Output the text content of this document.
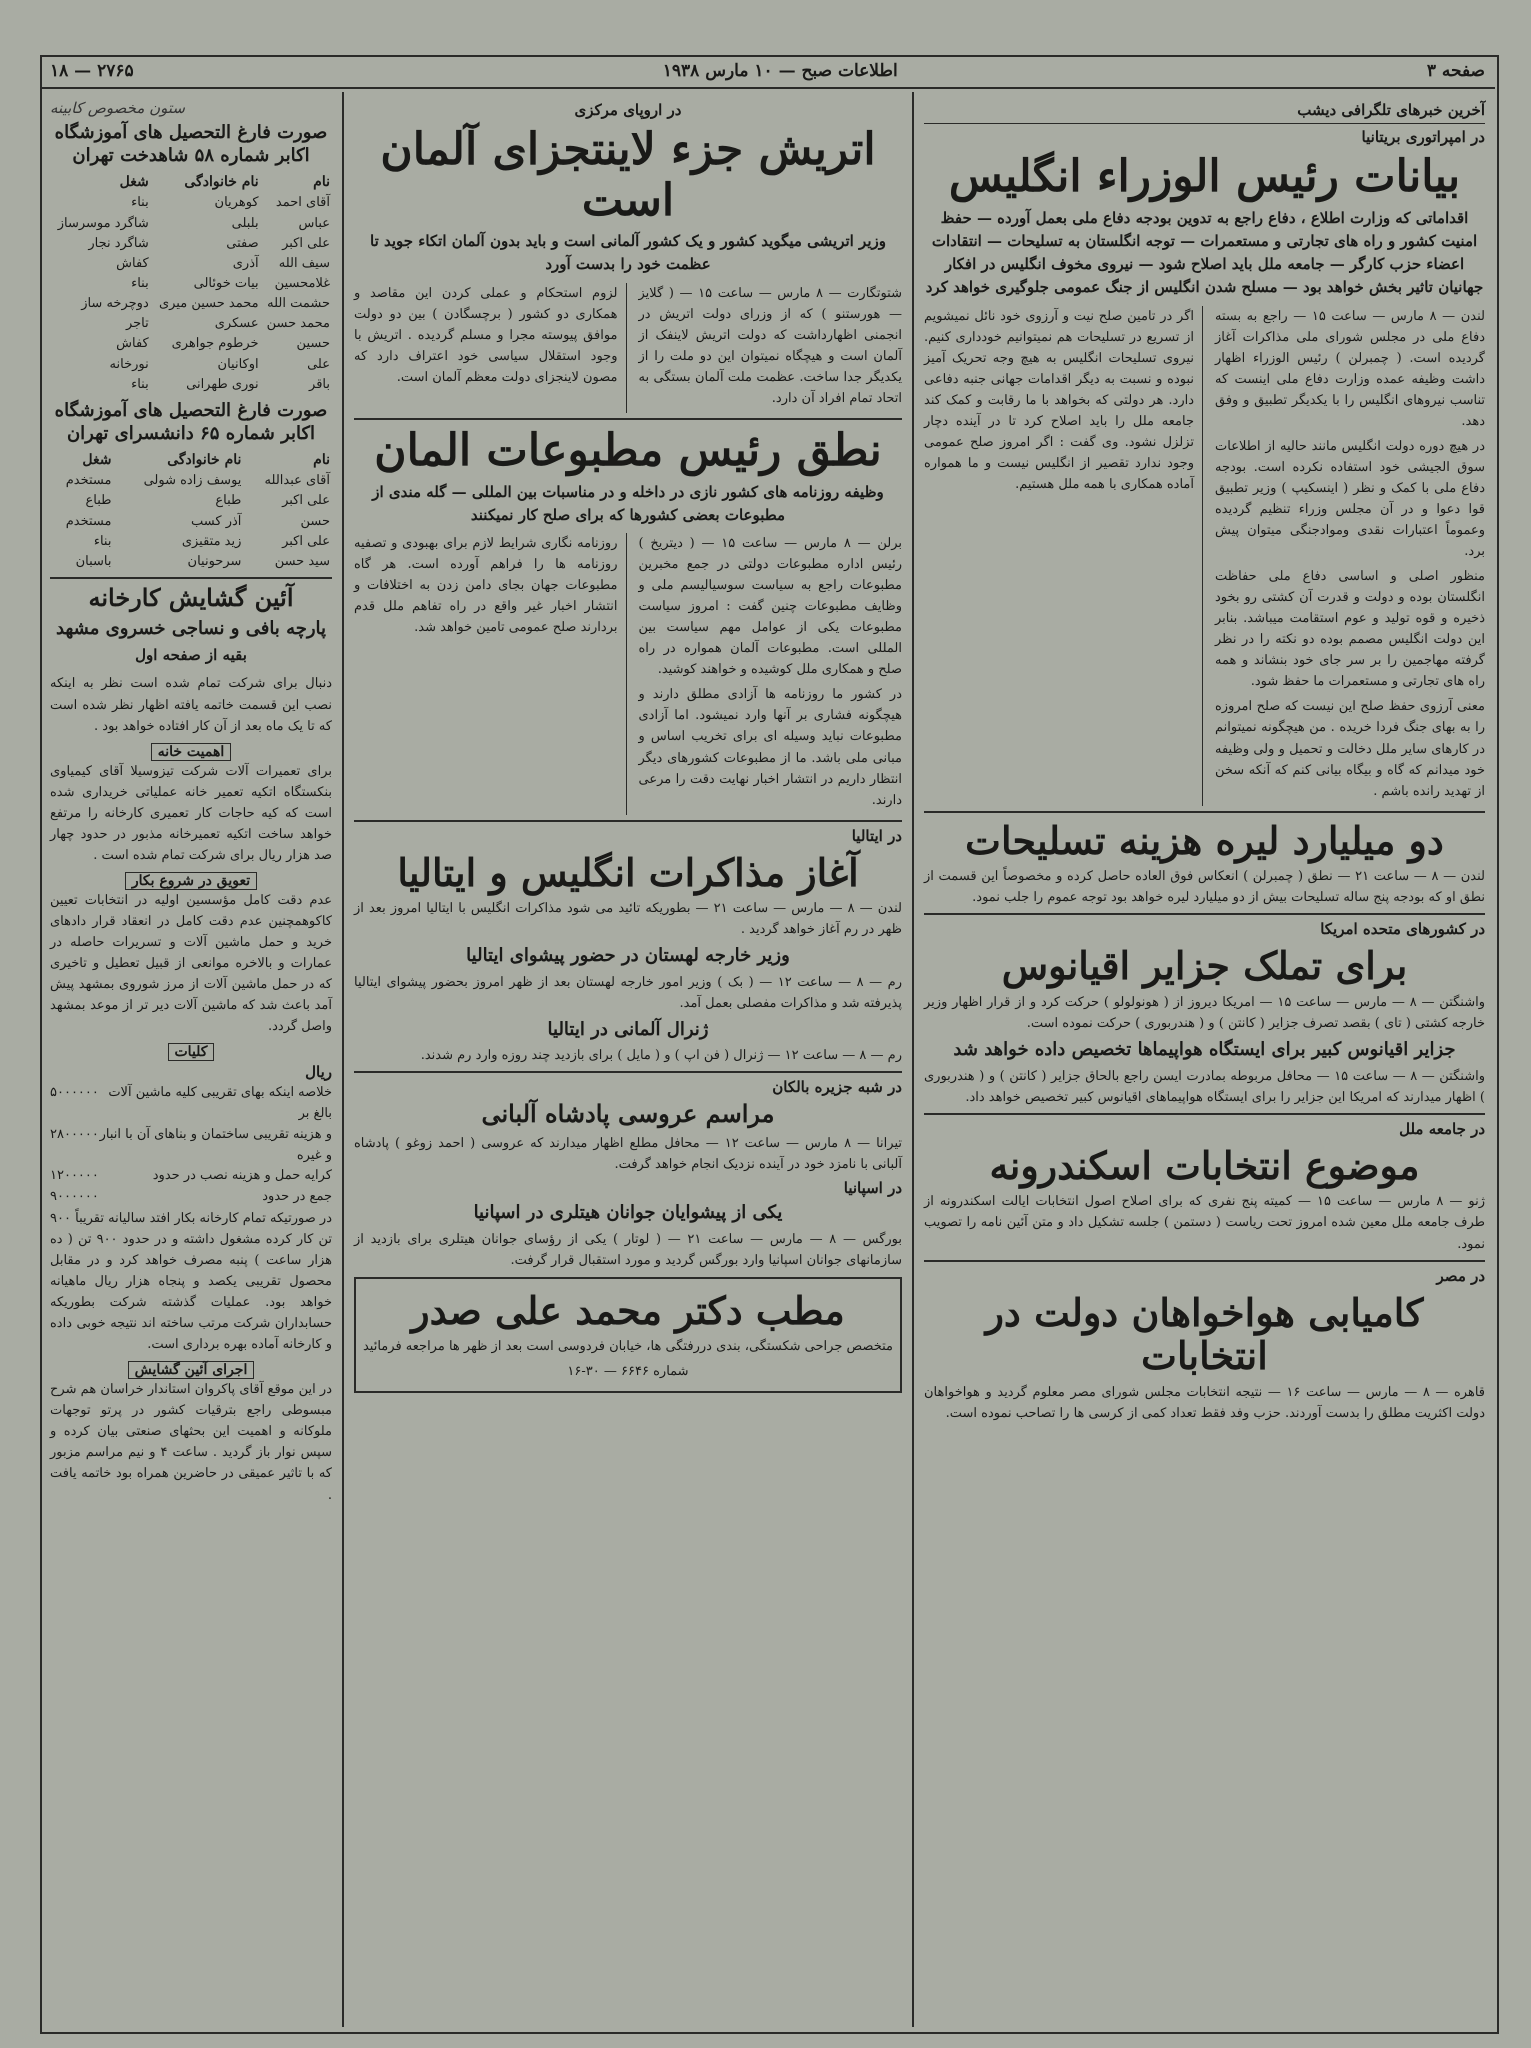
صفحه ۳
اطلاعات صبح — ۱۰ مارس ۱۹۳۸
۲۷۶۵ — ۱۸
آخرین خبرهای تلگرافی دیشب
در امپراتوری بریتانیا
بیانات رئیس الوزراء انگلیس
اقداماتی که وزارت اطلاع ، دفاع راجع به تدوین بودجه دفاع ملی بعمل آورده — حفظ امنیت کشور و راه های تجارتی و مستعمرات — توجه انگلستان به تسلیحات — انتقادات اعضاء حزب کارگر — جامعه ملل باید اصلاح شود — نیروی مخوف انگلیس در افکار جهانیان تاثیر بخش خواهد بود — مسلح شدن انگلیس از جنگ عمومی جلوگیری خواهد کرد

لندن — ۸ مارس — ساعت ۱۵ — راجع به بسته دفاع ملی در مجلس شورای ملی مذاکرات آغاز گردیده است. ( چمبرلن ) رئیس الوزراء اظهار داشت وظیفه عمده وزارت دفاع ملی اینست که تناسب نیروهای انگلیس را با یکدیگر تطبیق و وفق دهد.

در هیچ دوره دولت انگلیس مانند حالیه از اطلاعات سوق الجیشی خود استفاده نکرده است. بودجه دفاع ملی با کمک و نظر ( اینسکیپ ) وزیر تطبیق قوا دعوا و در آن مجلس وزراء تنظیم گردیده وعموماً اعتبارات نقدی وموادجنگی میتوان پیش برد.

منظور اصلی و اساسی دفاع ملی حفاظت انگلستان بوده و دولت و قدرت آن کشتی رو بخود ذخیره و قوه تولید و عوم استقامت میباشد. بنابر این دولت انگلیس مصمم بوده دو نکته را در نظر گرفته مهاجمین را بر سر جای خود بنشاند و همه راه های تجارتی و مستعمرات ما حفظ شود.

معنی آرزوی حفظ صلح این نیست که صلح امروزه را به بهای جنگ فردا خریده . من هیچگونه نمیتوانم در کارهای سایر ملل دخالت و تحمیل و ولی وظیفه خود میدانم که گاه و بیگاه بیانی کنم که آنکه سخن از تهدید رانده باشم .

اگر در تامین صلح نیت و آرزوی خود نائل نمیشویم از تسریع در تسلیحات هم نمیتوانیم خودداری کنیم. نیروی تسلیحات انگلیس به هیچ وجه تحریک آمیز نبوده و نسبت به دیگر اقدامات جهانی جنبه دفاعی دارد. هر دولتی که بخواهد با ما رقابت و کمک کند جامعه ملل را باید اصلاح کرد تا در آینده دچار تزلزل نشود. وی گفت : اگر امروز صلح عمومی وجود ندارد تقصیر از انگلیس نیست و ما همواره آماده همکاری با همه ملل هستیم.

دو میلیارد لیره هزینه تسلیحات

لندن — ۸ — ساعت ۲۱ — نطق ( چمبرلن ) انعکاس فوق العاده حاصل کرده و مخصوصاً این قسمت از نطق او که بودجه پنج ساله تسلیحات بیش از دو میلیارد لیره خواهد بود توجه عموم را جلب نمود.

در کشورهای متحده امریکا
برای تملک جزایر اقیانوس

واشنگتن — ۸ — مارس — ساعت ۱۵ — امریکا دیروز از ( هونولولو ) حرکت کرد و از قرار اظهار وزیر خارجه کشتی ( تای ) بقصد تصرف جزایر ( کانتن ) و ( هندربوری ) حرکت نموده است.

جزایر اقیانوس کبیر برای ایستگاه هواپیماها تخصیص داده خواهد شد

واشنگتن — ۸ — ساعت ۱۵ — محافل مربوطه بمادرت ایسن راجع بالحاق جزایر ( کانتن ) و ( هندربوری ) اظهار میدارند که امریکا این جزایر را برای ایستگاه هواپیماهای اقیانوس کبیر تخصیص خواهد داد.

در جامعه ملل
موضوع انتخابات اسکندرونه

ژنو — ۸ مارس — ساعت ۱۵ — کمیته پنج نفری که برای اصلاح اصول انتخابات ایالت اسکندرونه از طرف جامعه ملل معین شده امروز تحت ریاست ( دستمن ) جلسه تشکیل داد و متن آئین نامه را تصویب نمود.

در مصر
کامیابی هواخواهان دولت در انتخابات

قاهره — ۸ — مارس — ساعت ۱۶ — نتیجه انتخابات مجلس شورای مصر معلوم گردید و هواخواهان دولت اکثریت مطلق را بدست آوردند. حزب وفد فقط تعداد کمی از کرسی ها را تصاحب نموده است.

در اروپای مرکزی
اتریش جزء لاینتجزای آلمان است
وزیر اتریشی میگوید کشور و یک کشور آلمانی است و باید بدون آلمان اتکاء جوید تا عظمت خود را بدست آورد

شتوتگارت — ۸ مارس — ساعت ۱۵ — ( گلایز — هورستنو ) که از وزرای دولت اتریش در انجمنی اظهارداشت که دولت اتریش لاینفک از آلمان است و هیچگاه نمیتوان این دو ملت را از یکدیگر جدا ساخت. عظمت ملت آلمان بستگی به اتحاد تمام افراد آن دارد.

لزوم استحکام و عملی کردن این مقاصد و همکاری دو کشور ( برچسگادن ) بین دو دولت موافق پیوسته مجرا و مسلم گردیده . اتریش با وجود استقلال سیاسی خود اعتراف دارد که مصون لاینجزای دولت معظم آلمان است.

نطق رئیس مطبوعات المان
وظیفه روزنامه های کشور نازی در داخله و در مناسبات بین المللی — گله مندی از مطبوعات بعضی کشورها که برای صلح کار نمیکنند

برلن — ۸ مارس — ساعت ۱۵ — ( دیتریخ ) رئیس اداره مطبوعات دولتی در جمع مخبرین مطبوعات راجع به سیاست سوسیالیسم ملی و وظایف مطبوعات چنین گفت : امروز سیاست مطبوعات یکی از عوامل مهم سیاست بین المللی است. مطبوعات آلمان همواره در راه صلح و همکاری ملل کوشیده و خواهند کوشید.

در کشور ما روزنامه ها آزادی مطلق دارند و هیچگونه فشاری بر آنها وارد نمیشود. اما آزادی مطبوعات نباید وسیله ای برای تخریب اساس و مبانی ملی باشد. ما از مطبوعات کشورهای دیگر انتظار داریم در انتشار اخبار نهایت دقت را مرعی دارند.

روزنامه نگاری شرایط لازم برای بهبودی و تصفیه روزنامه ها را فراهم آورده است. هر گاه مطبوعات جهان بجای دامن زدن به اختلافات و انتشار اخبار غیر واقع در راه تفاهم ملل قدم بردارند صلح عمومی تامین خواهد شد.

در ایتالیا
آغاز مذاکرات انگلیس و ایتالیا

لندن — ۸ — مارس — ساعت ۲۱ — بطوریکه تائید می شود مذاکرات انگلیس با ایتالیا امروز بعد از ظهر در رم آغاز خواهد گردید .

وزیر خارجه لهستان در حضور پیشوای ایتالیا

رم — ۸ — ساعت ۱۲ — ( بک ) وزیر امور خارجه لهستان بعد از ظهر امروز بحضور پیشوای ایتالیا پذیرفته شد و مذاکرات مفصلی بعمل آمد.

ژنرال آلمانی در ایتالیا

رم — ۸ — ساعت ۱۲ — ژنرال ( فن اپ ) و ( مایل ) برای بازدید چند روزه وارد رم شدند.

در شبه جزیره بالکان
مراسم عروسی پادشاه آلبانی

تیرانا — ۸ مارس — ساعت ۱۲ — محافل مطلع اظهار میدارند که عروسی ( احمد زوغو ) پادشاه آلبانی با نامزد خود در آینده نزدیک انجام خواهد گرفت.

در اسپانیا
یکی از پیشوایان جوانان هیتلری در اسپانیا

بورگس — ۸ — مارس — ساعت ۲۱ — ( لوتار ) یکی از رؤسای جوانان هیتلری برای بازدید از سازمانهای جوانان اسپانیا وارد بورگس گردید و مورد استقبال قرار گرفت.

مطب دکتر محمد علی صدر

متخصص جراحی شکستگی، بندی دررفتگی ها، خیابان فردوسی است بعد از ظهر ها مراجعه فرمائید

شماره ۶۶۴۶ — ۳۰-۱۶

ستون مخصوص کابینه
صورت فارغ التحصیل های آموزشگاه اکابر شماره ۵۸ شاهدخت تهران
نام	نام خانوادگی	شغل
آقای احمد	کوهریان	بناء
عباس	بلبلی	شاگرد موسرساز
علی اکبر	صفتی	شاگرد نجار
سیف الله	آذری	کفاش
غلامحسین	بیات خوئالی	بناء
حشمت الله	محمد حسین میری	دوچرخه ساز
محمد حسن	عسکری	تاجر
حسین	خرطوم جواهری	کفاش
علی	اوکانیان	نورخانه
باقر	نوری طهرانی	بناء
صورت فارغ التحصیل های آموزشگاه اکابر شماره ۶۵ دانشسرای تهران
نام	نام خانوادگی	شغل
آقای عبدالله	یوسف زاده شولی	مستخدم
علی اکبر	طباع	طباع
حسن	آذر کسب	مستخدم
علی اکبر	زید متقیزی	بناء
سید حسن	سرحونیان	باسبان
آئین گشایش کارخانه
پارچه بافی و نساجی خسروی مشهد
بقیه از صفحه اول

دنبال برای شرکت تمام شده است نظر به اینکه نصب این قسمت خاتمه یافته اظهار نظر شده است که تا یک ماه بعد از آن کار افتاده خواهد بود .

اهمیت خانه

برای تعمیرات آلات شرکت تیزوسیلا آقای کیمیاوی بنکستگاه اتکیه تعمیر خانه عملیاتی خریداری شده است که کیه حاجات کار تعمیری کارخانه را مرتفع خواهد ساخت اتکیه تعمیرخانه مذبور در حدود چهار صد هزار ریال برای شرکت تمام شده است .

تعویق در شروع بکار

عدم دقت کامل مؤسسین اولیه در انتخابات تعیین کاکوهمچنین عدم دقت کامل در انعقاد قرار دادهای خرید و حمل ماشین آلات و تسریرات حاصله در عمارات و بالاخره موانعی از قبیل تعطیل و تاخیری که در حمل ماشین آلات از مرز شوروی بمشهد پیش آمد باعث شد که ماشین آلات دیر تر از موعد بمشهد واصل گردد.

کلیات
ریال
خلاصه اینکه بهای تقریبی کلیه ماشین آلات بالغ بر
۵۰۰۰۰۰۰
و هزینه تقریبی ساختمان و بناهای آن با انبار و غیره
۲۸۰۰۰۰۰
کرایه حمل و هزینه نصب در حدود
۱۲۰۰۰۰۰
جمع در حدود
۹۰۰۰۰۰۰

در صورتیکه تمام کارخانه بکار افتد سالیانه تقریباً ۹۰۰ تن کار کرده مشغول داشته و در حدود ۹۰۰ تن ( ده هزار ساعت ) پنبه مصرف خواهد کرد و در مقابل محصول تقریبی یکصد و پنجاه هزار ریال ماهیانه خواهد بود. عملیات گذشته شرکت بطوریکه حسابداران شرکت مرتب ساخته اند نتیجه خوبی داده و کارخانه آماده بهره برداری است.

اجرای آئین گشایش

در این موقع آقای پاکروان استاندار خراسان هم شرح مبسوطی راجع بترقیات کشور در پرتو توجهات ملوکانه و اهمیت این بحثهای صنعتی بیان کرده و سپس نوار باز گردید . ساعت ۴ و نیم مراسم مزبور که با تاثیر عمیقی در حاضرین همراه بود خاتمه یافت .
